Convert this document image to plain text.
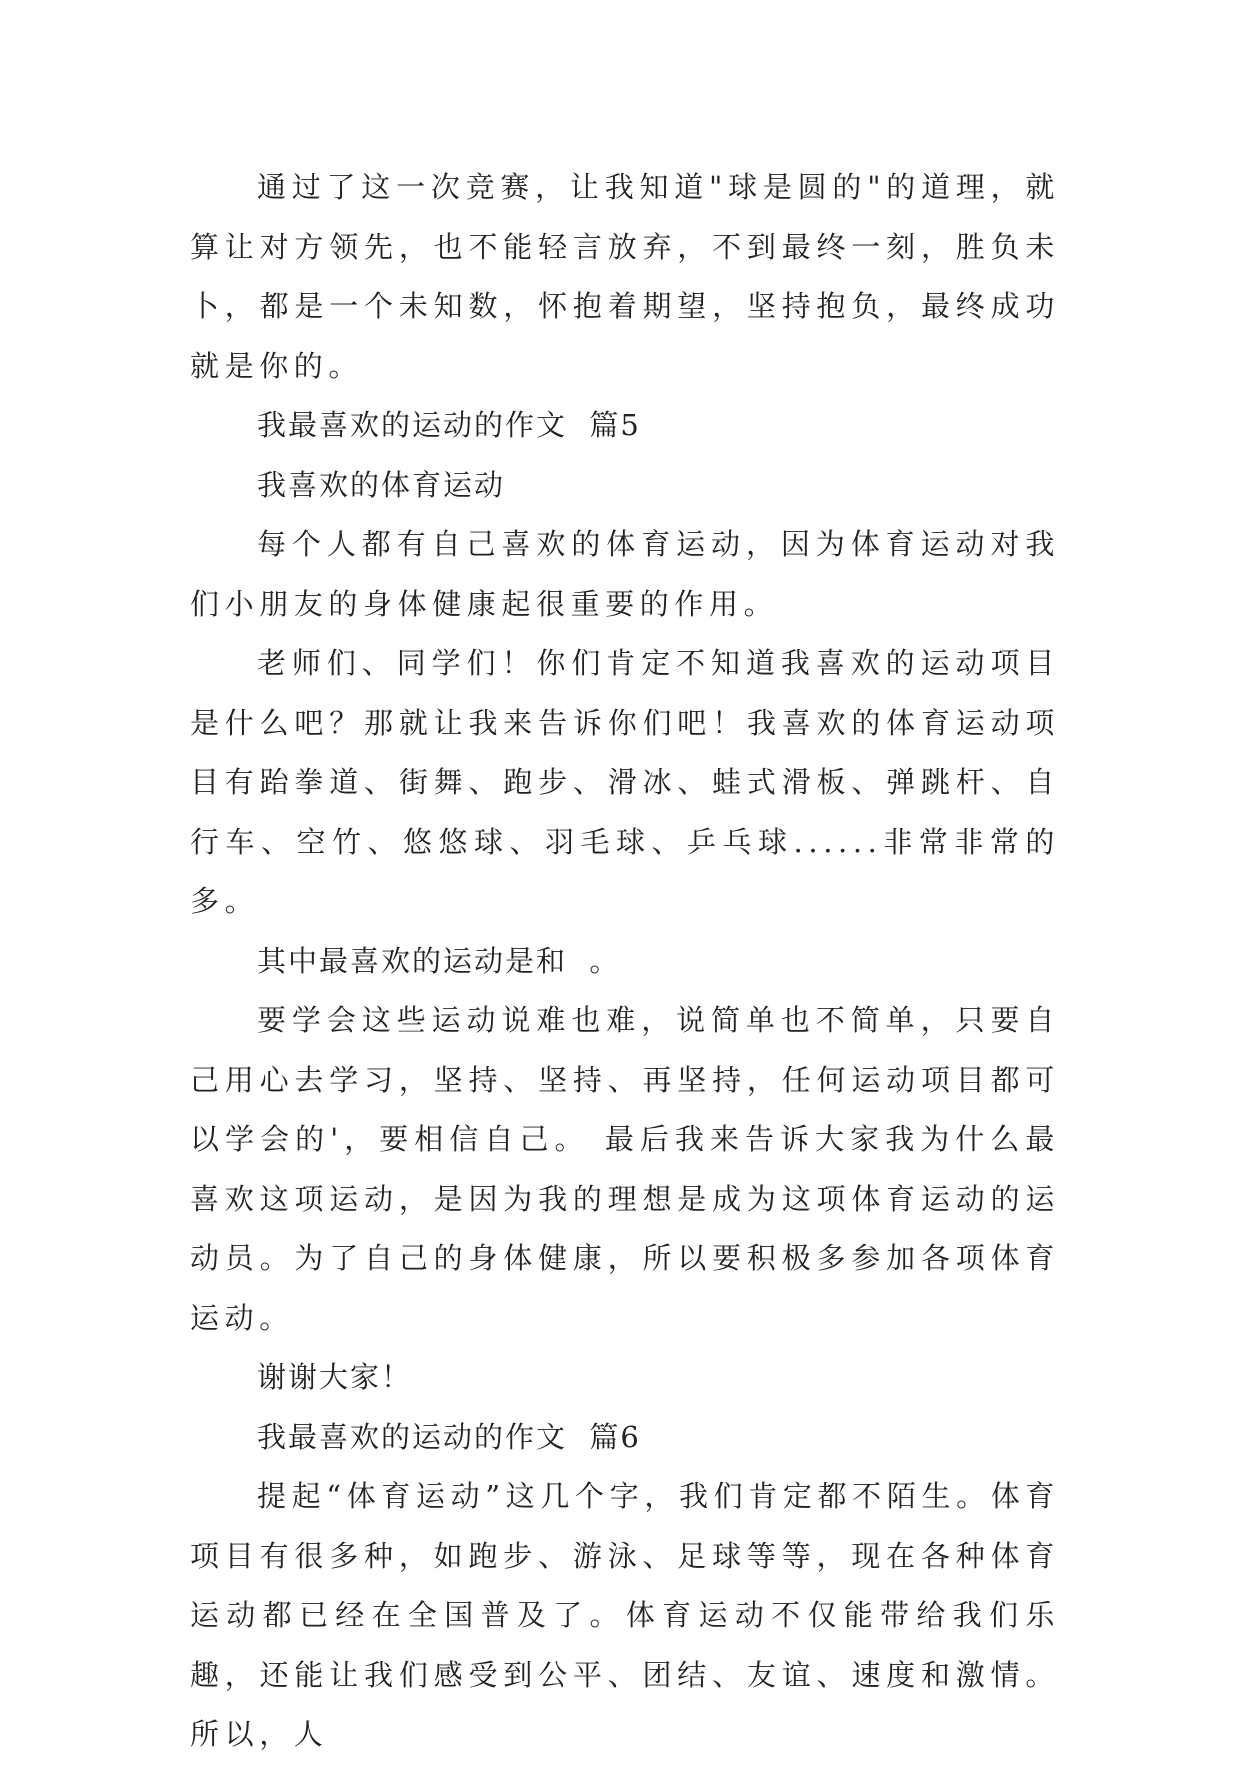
通过了这一次竞赛，让我知道"球是圆的"的道理，就算让对方领先，也不能轻言放弃，不到最终一刻，胜负未卜，都是一个未知数，怀抱着期望，坚持抱负，最终成功就是你的。

我最喜欢的运动的作文  篇5

我喜欢的体育运动

每个人都有自己喜欢的体育运动，因为体育运动对我们小朋友的身体健康起很重要的作用。

老师们、同学们！你们肯定不知道我喜欢的运动项目是什么吧？那就让我来告诉你们吧！我喜欢的体育运动项目有跆拳道、街舞、跑步、滑冰、蛙式滑板、弹跳杆、自行车、空竹、悠悠球、羽毛球、乒乓球......非常非常的多。

其中最喜欢的运动是和  。

要学会这些运动说难也难，说简单也不简单，只要自己用心去学习，坚持、坚持、再坚持，任何运动项目都可以学会的'，要相信自己。 最后我来告诉大家我为什么最喜欢这项运动，是因为我的理想是成为这项体育运动的运动员。为了自己的身体健康，所以要积极多参加各项体育运动。

谢谢大家！

我最喜欢的运动的作文  篇6

提起“体育运动”这几个字，我们肯定都不陌生。体育项目有很多种，如跑步、游泳、足球等等，现在各种体育运动都已经在全国普及了。体育运动不仅能带给我们乐趣，还能让我们感受到公平、团结、友谊、速度和激情。所以，人
